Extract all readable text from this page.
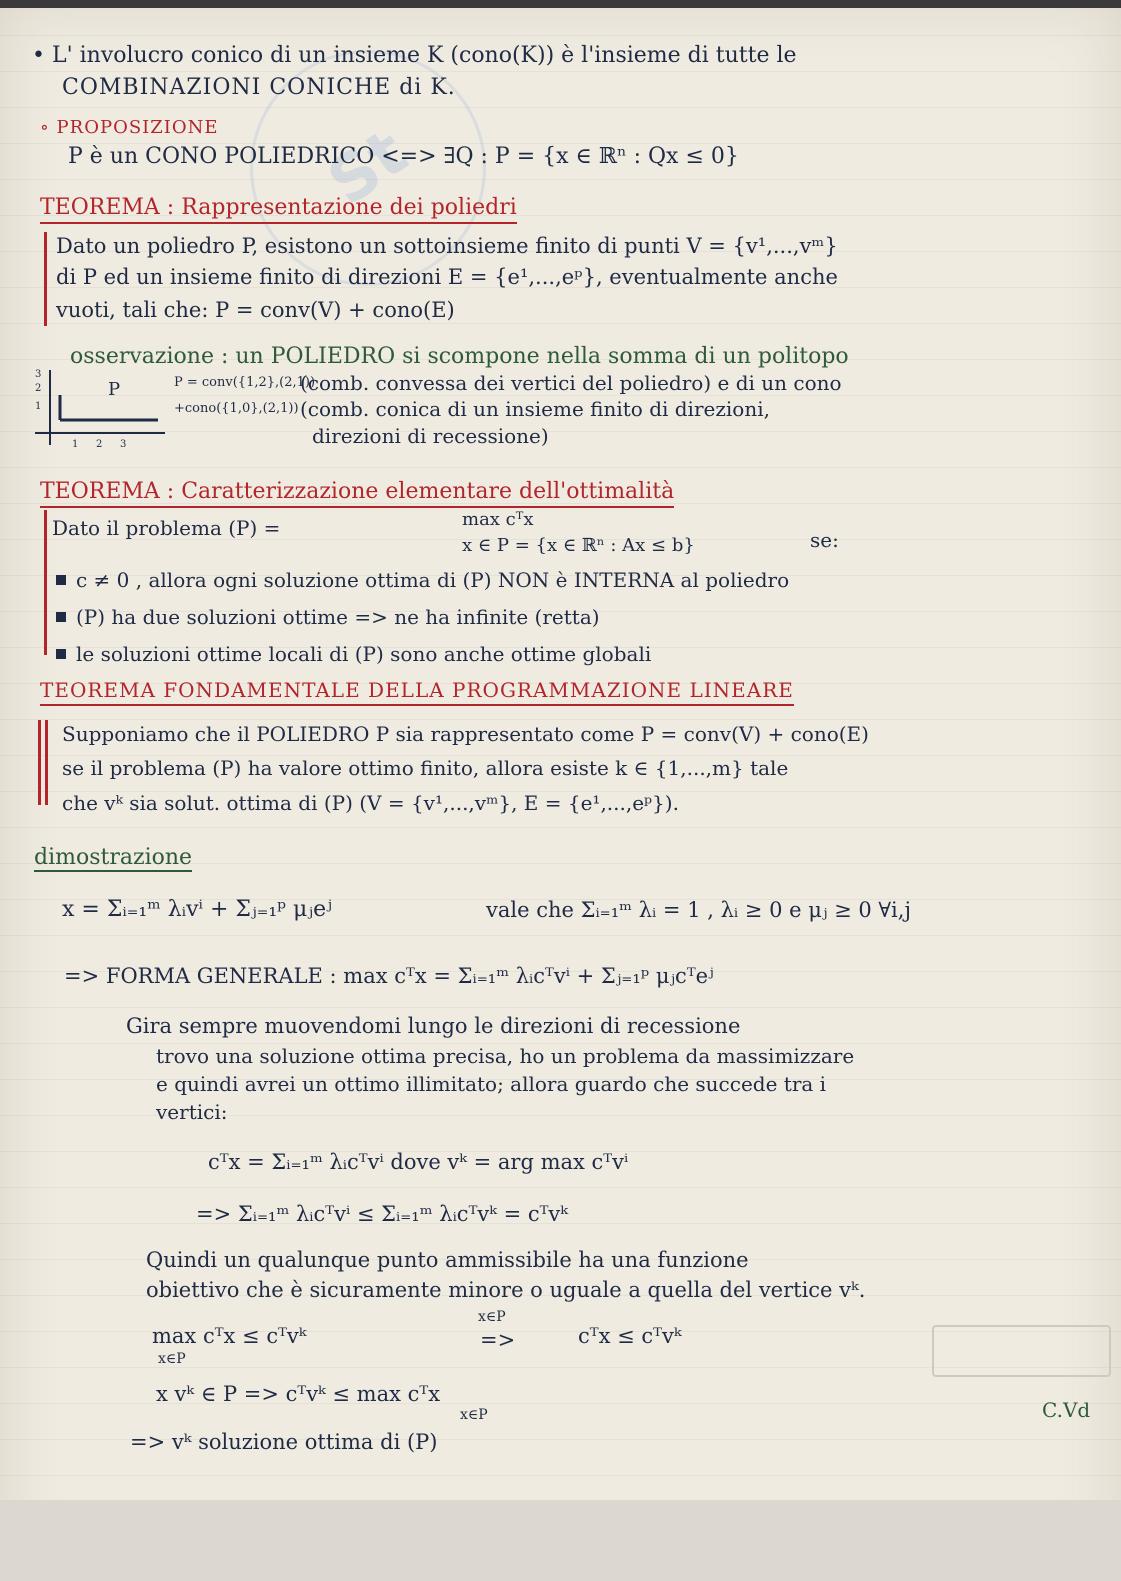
St
• L' involucro conico di un insieme K (cono(K)) è l'insieme di tutte le
COMBINAZIONI CONICHE di K.
∘ PROPOSIZIONE
P è un CONO POLIEDRICO <=> ∃Q : P = {x ∈ ℝⁿ : Qx ≤ 0}
TEOREMA : Rappresentazione dei poliedri
Dato un poliedro P, esistono un sottoinsieme finito di punti V = {v¹,...,vᵐ}
di P ed un insieme finito di direzioni E = {e¹,...,eᵖ}, eventualmente anche
vuoti, tali che: P = conv(V) + cono(E)
osservazione : un POLIEDRO si scompone nella somma di un politopo
3
2
1
1 2 3
P	P = conv({1,2},(2,1))
(comb. convessa dei vertici del poliedro) e di un cono
+cono({1,0},(2,1)) (comb. conica di un insieme finito di direzioni,
direzioni di recessione)
TEOREMA : Caratterizzazione elementare dell'ottimalità
Dato il problema (P) =	max cᵀx
x ∈ P = {x ∈ ℝⁿ : Ax ≤ b}	se:
c ≠ 0 , allora ogni soluzione ottima di (P) NON è INTERNA al poliedro
(P) ha due soluzioni ottime => ne ha infinite (retta)
le soluzioni ottime locali di (P) sono anche ottime globali
TEOREMA FONDAMENTALE DELLA PROGRAMMAZIONE LINEARE
Supponiamo che il POLIEDRO P sia rappresentato come P = conv(V) + cono(E)
se il problema (P) ha valore ottimo finito, allora esiste k ∈ {1,...,m} tale
che vᵏ sia solut. ottima di (P) (V = {v¹,...,vᵐ}, E = {e¹,...,eᵖ}).
dimostrazione
x = Σᵢ₌₁ᵐ λᵢvⁱ + Σⱼ₌₁ᵖ μⱼeʲ	vale che Σᵢ₌₁ᵐ λᵢ = 1 , λᵢ ≥ 0 e μⱼ ≥ 0 ∀i,j
=> FORMA GENERALE : max cᵀx = Σᵢ₌₁ᵐ λᵢcᵀvⁱ + Σⱼ₌₁ᵖ μⱼcᵀeʲ
Gira sempre muovendomi lungo le direzioni di recessione
trovo una soluzione ottima precisa, ho un problema da massimizzare
e quindi avrei un ottimo illimitato; allora guardo che succede tra i
vertici:
cᵀx = Σᵢ₌₁ᵐ λᵢcᵀvⁱ dove vᵏ = arg max cᵀvⁱ
=> Σᵢ₌₁ᵐ λᵢcᵀvⁱ ≤ Σᵢ₌₁ᵐ λᵢcᵀvᵏ = cᵀvᵏ
Quindi un qualunque punto ammissibile ha una funzione
obiettivo che è sicuramente minore o uguale a quella del vertice vᵏ.
max cᵀx ≤ cᵀvᵏ
x∈P
=>
x∈P
cᵀx ≤ cᵀvᵏ
x vᵏ ∈ P => cᵀvᵏ ≤ max cᵀx
x∈P
=> vᵏ soluzione ottima di (P)
C.Vd
